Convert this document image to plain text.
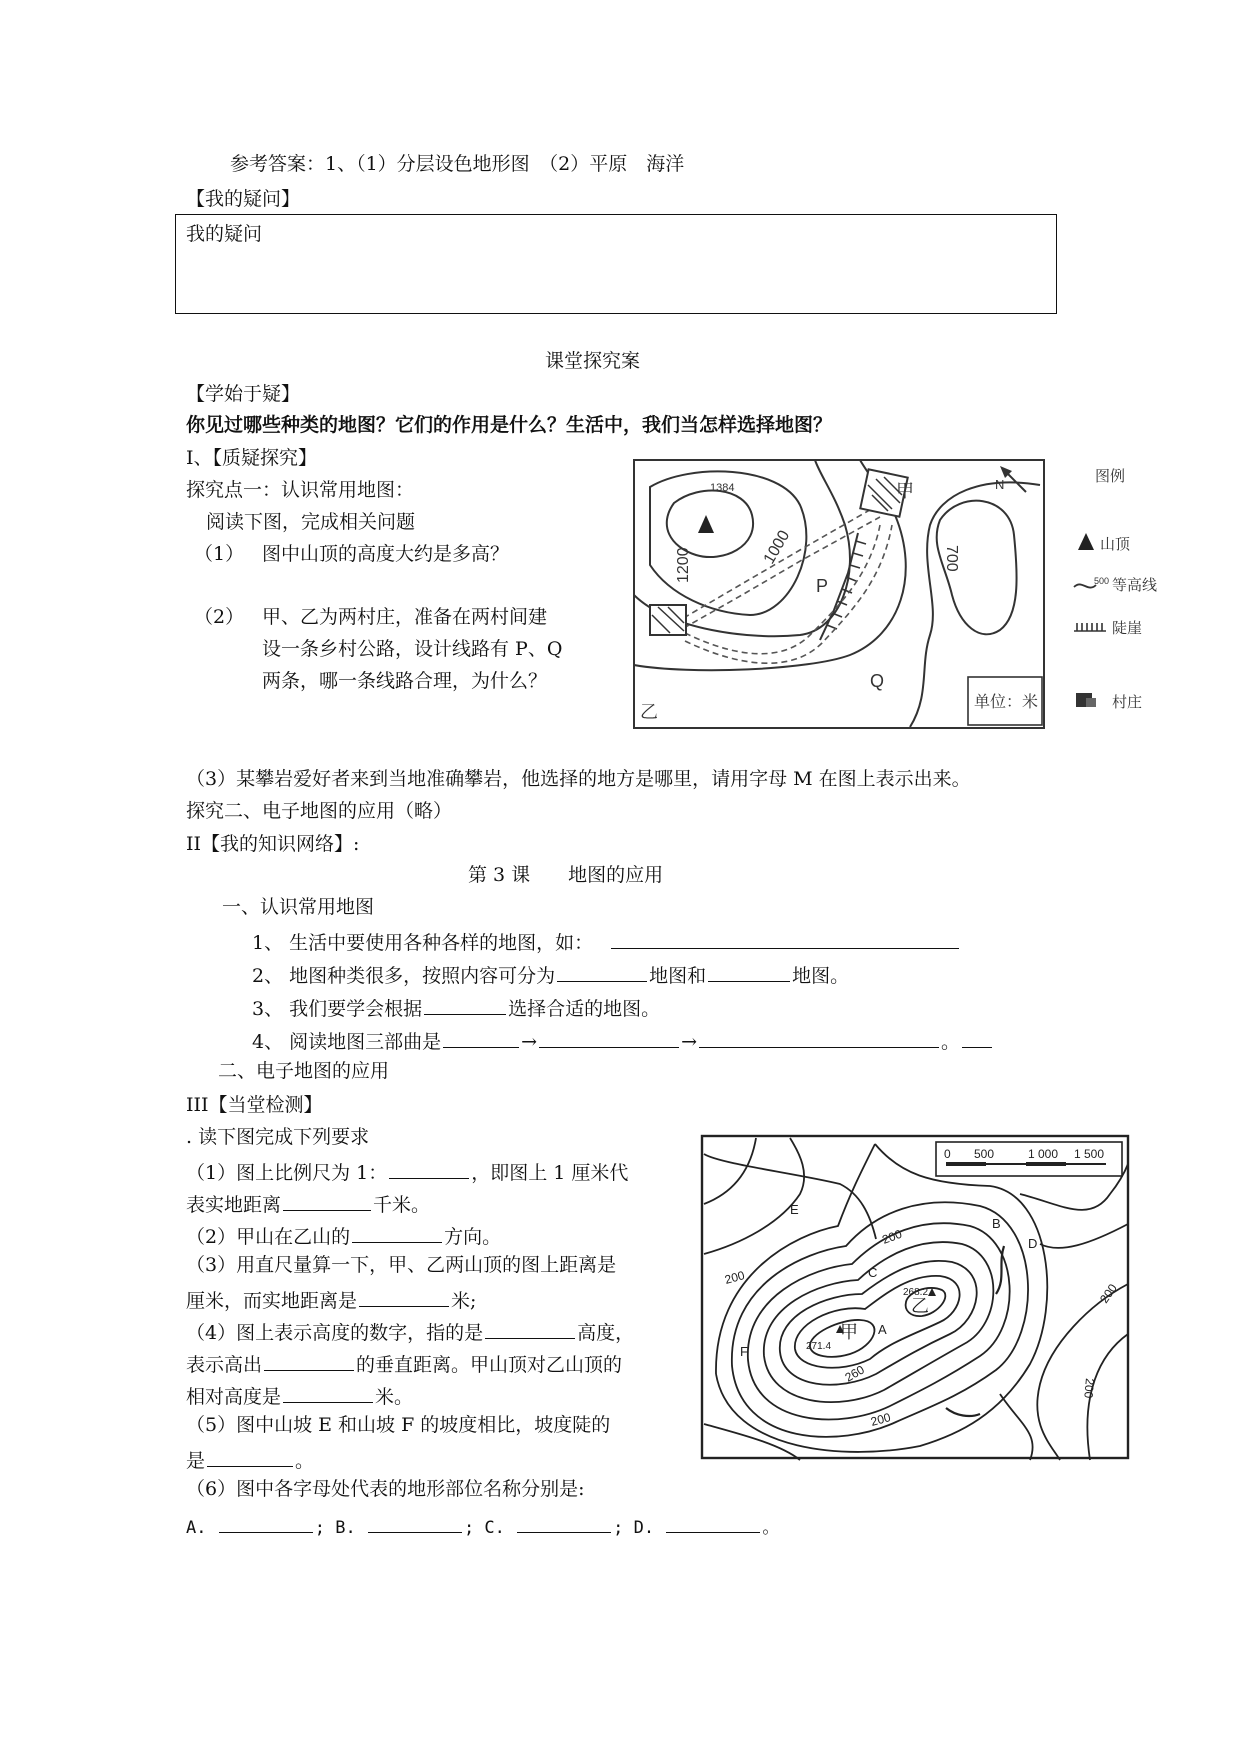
参考答案：1、（1）分层设色地形图　（2）平原　海洋
【我的疑问】
我的疑问
课堂探究案
【学始于疑】
你见过哪些种类的地图？它们的作用是什么？生活中，我们当怎样选择地图？
I、【质疑探究】
探究点一：认识常用地图：
阅读下图，完成相关问题
（1） 图中山顶的高度大约是多高？
（2） 甲、乙为两村庄，准备在两村间建
设一条乡村公路，设计线路有 P、Q
两条，哪一条线路合理，为什么？
1384	N
1200	1000	700
P
Q
甲
乙	单位：米
图例
山顶
500 等高线
陡崖
村庄
（3）某攀岩爱好者来到当地准确攀岩，他选择的地方是哪里，请用字母 M 在图上表示出来。
探究二、电子地图的应用（略）
II【我的知识网络】:
第 3 课　　地图的应用
一、认识常用地图
1、 生活中要使用各种各样的地图，如：
2、 地图种类很多，按照内容可分为	地图和	地图。
3、 我们要学会根据	选择合适的地图。
4、 阅读地图三部曲是	→	→	。
二、电子地图的应用
III【当堂检测】
. 读下图完成下列要求
（1）图上比例尺为 1：	，即图上 1 厘米代
表实地距离	千米。
（2）甲山在乙山的	方向。
（3）用直尺量算一下，甲、乙两山顶的图上距离是
厘米，而实地距离是	米;
（4）图上表示高度的数字，指的是	高度，
表示高出	的垂直距离。甲山顶对乙山顶的
相对高度是	米。
（5）图中山坡 E 和山坡 F 的坡度相比，坡度陡的
是	。
（6）图中各字母处代表的地形部位名称分别是:
A.	; B.	; C.	; D.	。
0 500	1 000 1 500
甲
271.4
乙
268.2
200
200
200
200
260
200
A
B
C
D
E
F
